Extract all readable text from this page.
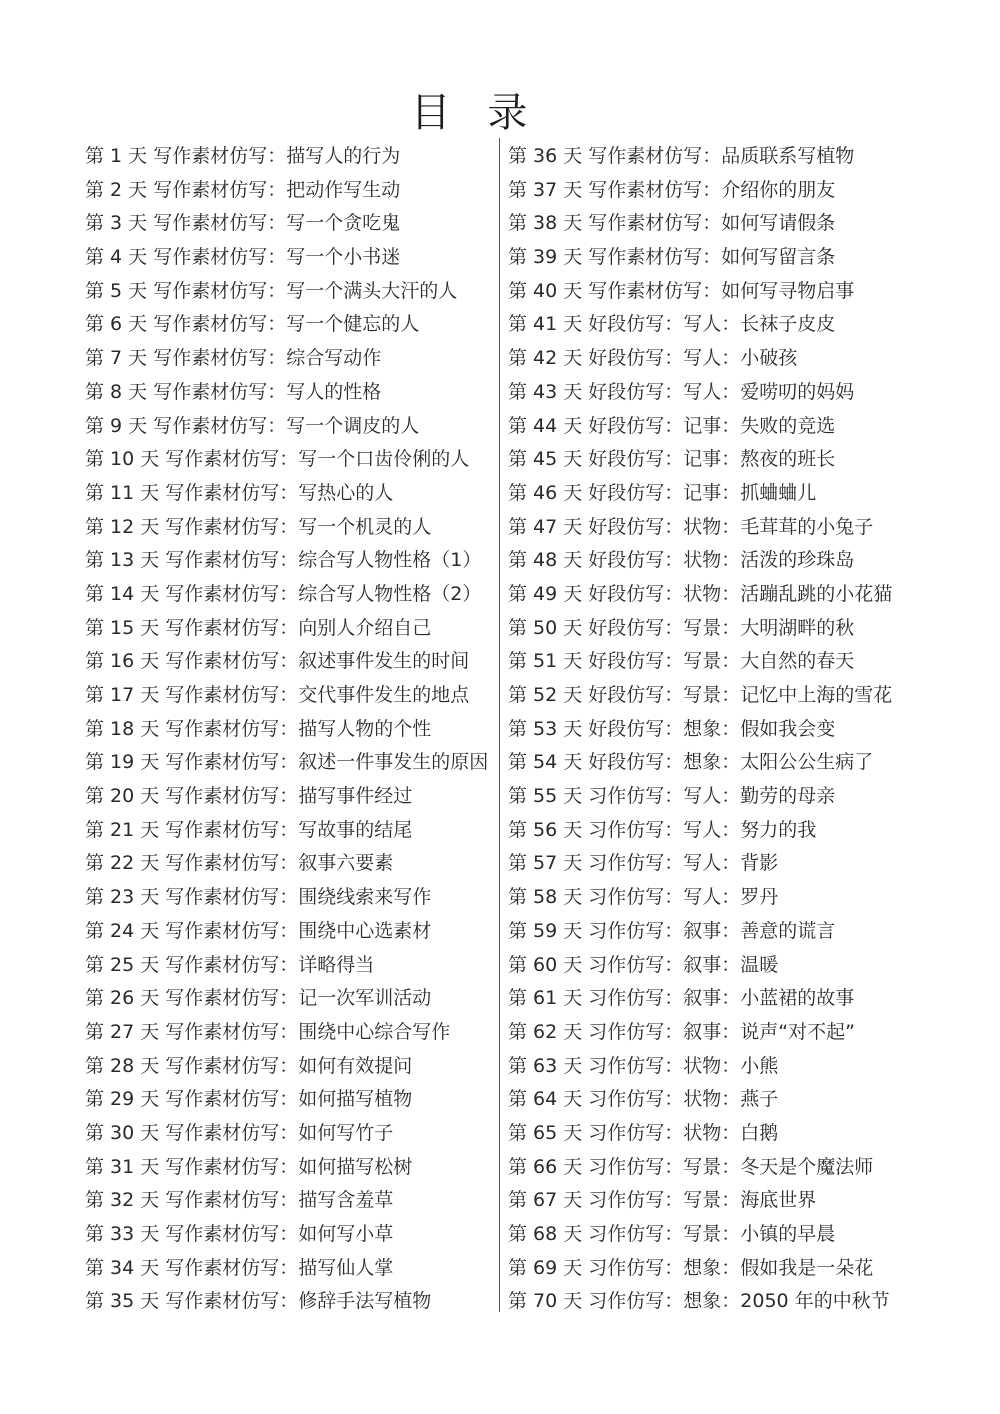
目 录
第 1 天 写作素材仿写：描写人的行为
第 2 天 写作素材仿写：把动作写生动
第 3 天 写作素材仿写：写一个贪吃鬼
第 4 天 写作素材仿写：写一个小书迷
第 5 天 写作素材仿写：写一个满头大汗的人
第 6 天 写作素材仿写：写一个健忘的人
第 7 天 写作素材仿写：综合写动作
第 8 天 写作素材仿写：写人的性格
第 9 天 写作素材仿写：写一个调皮的人
第 10 天 写作素材仿写：写一个口齿伶俐的人
第 11 天 写作素材仿写：写热心的人
第 12 天 写作素材仿写：写一个机灵的人
第 13 天 写作素材仿写：综合写人物性格（1）
第 14 天 写作素材仿写：综合写人物性格（2）
第 15 天 写作素材仿写：向别人介绍自己
第 16 天 写作素材仿写：叙述事件发生的时间
第 17 天 写作素材仿写：交代事件发生的地点
第 18 天 写作素材仿写：描写人物的个性
第 19 天 写作素材仿写：叙述一件事发生的原因
第 20 天 写作素材仿写：描写事件经过
第 21 天 写作素材仿写：写故事的结尾
第 22 天 写作素材仿写：叙事六要素
第 23 天 写作素材仿写：围绕线索来写作
第 24 天 写作素材仿写：围绕中心选素材
第 25 天 写作素材仿写：详略得当
第 26 天 写作素材仿写：记一次军训活动
第 27 天 写作素材仿写：围绕中心综合写作
第 28 天 写作素材仿写：如何有效提问
第 29 天 写作素材仿写：如何描写植物
第 30 天 写作素材仿写：如何写竹子
第 31 天 写作素材仿写：如何描写松树
第 32 天 写作素材仿写：描写含羞草
第 33 天 写作素材仿写：如何写小草
第 34 天 写作素材仿写：描写仙人掌
第 35 天 写作素材仿写：修辞手法写植物
第 36 天 写作素材仿写：品质联系写植物
第 37 天 写作素材仿写：介绍你的朋友
第 38 天 写作素材仿写：如何写请假条
第 39 天 写作素材仿写：如何写留言条
第 40 天 写作素材仿写：如何写寻物启事
第 41 天 好段仿写：写人：长袜子皮皮
第 42 天 好段仿写：写人：小破孩
第 43 天 好段仿写：写人：爱唠叨的妈妈
第 44 天 好段仿写：记事：失败的竞选
第 45 天 好段仿写：记事：熬夜的班长
第 46 天 好段仿写：记事：抓蛐蛐儿
第 47 天 好段仿写：状物：毛茸茸的小兔子
第 48 天 好段仿写：状物：活泼的珍珠岛
第 49 天 好段仿写：状物：活蹦乱跳的小花猫
第 50 天 好段仿写：写景：大明湖畔的秋
第 51 天 好段仿写：写景：大自然的春天
第 52 天 好段仿写：写景：记忆中上海的雪花
第 53 天 好段仿写：想象：假如我会变
第 54 天 好段仿写：想象：太阳公公生病了
第 55 天 习作仿写：写人：勤劳的母亲
第 56 天 习作仿写：写人：努力的我
第 57 天 习作仿写：写人：背影
第 58 天 习作仿写：写人：罗丹
第 59 天 习作仿写：叙事：善意的谎言
第 60 天 习作仿写：叙事：温暖
第 61 天 习作仿写：叙事：小蓝裙的故事
第 62 天 习作仿写：叙事：说声“对不起”
第 63 天 习作仿写：状物：小熊
第 64 天 习作仿写：状物：燕子
第 65 天 习作仿写：状物：白鹅
第 66 天 习作仿写：写景：冬天是个魔法师
第 67 天 习作仿写：写景：海底世界
第 68 天 习作仿写：写景：小镇的早晨
第 69 天 习作仿写：想象：假如我是一朵花
第 70 天 习作仿写：想象：2050 年的中秋节
